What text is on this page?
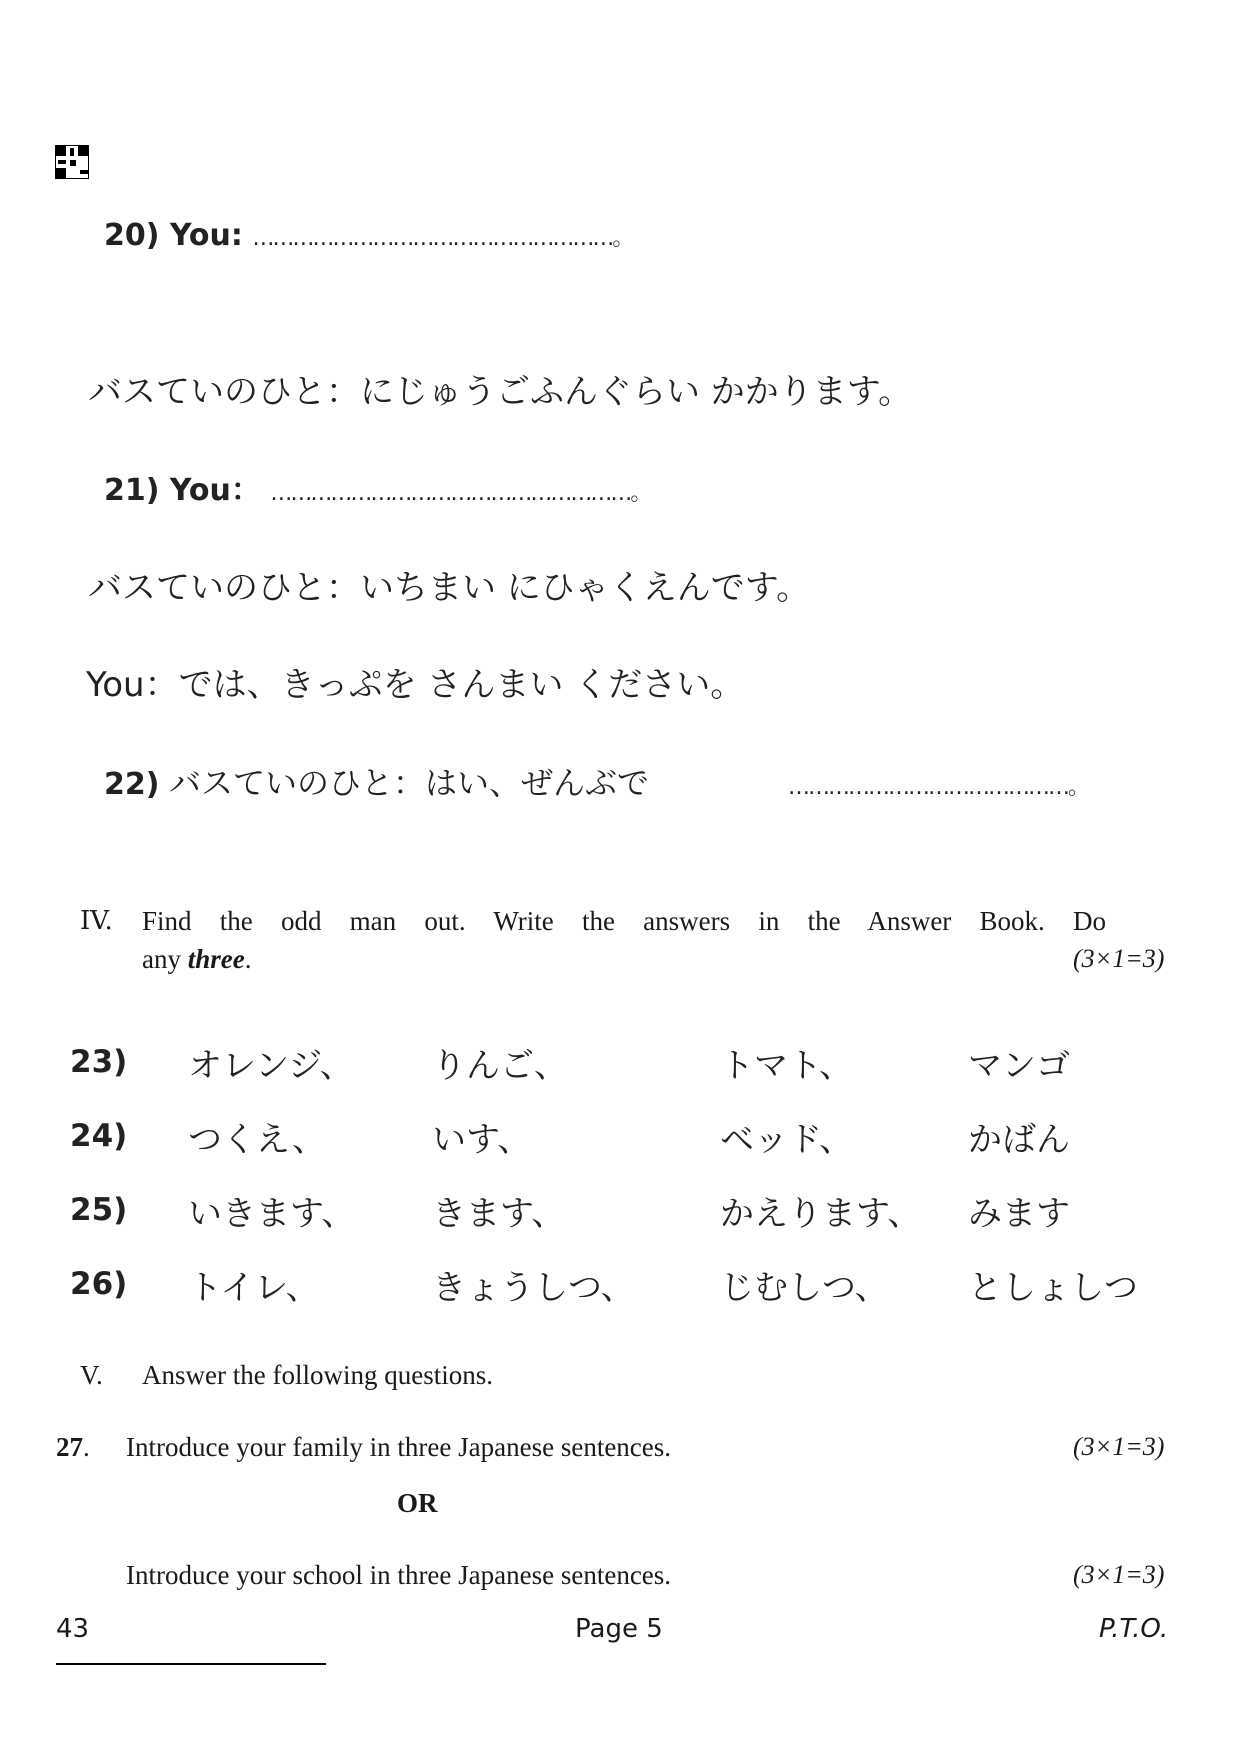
20) You: ………………………………………………。
バスていのひと：にじゅうごふんぐらい かかります。
21) You： ………………………………………………。
バスていのひと：いちまい にひゃくえんです。
You：では、きっぷを さんまい ください。
22) バスていのひと：はい、ぜんぶで	……………………………………。
IV. Find the odd man out. Write the answers in the Answer Book. Do
any three.	(3×1=3)
23) オレンジ、 りんご、	トマト、	マンゴ
24) つくえ、	いす、	ベッド、	かばん
25) いきます、 きます、	かえります、 みます
26) トイレ、	きょうしつ、	じむしつ、 としょしつ
V. Answer the following questions.
27. Introduce your family in three Japanese sentences.	(3×1=3)
OR
Introduce your school in three Japanese sentences.	(3×1=3)
43	Page 5	P.T.O.
